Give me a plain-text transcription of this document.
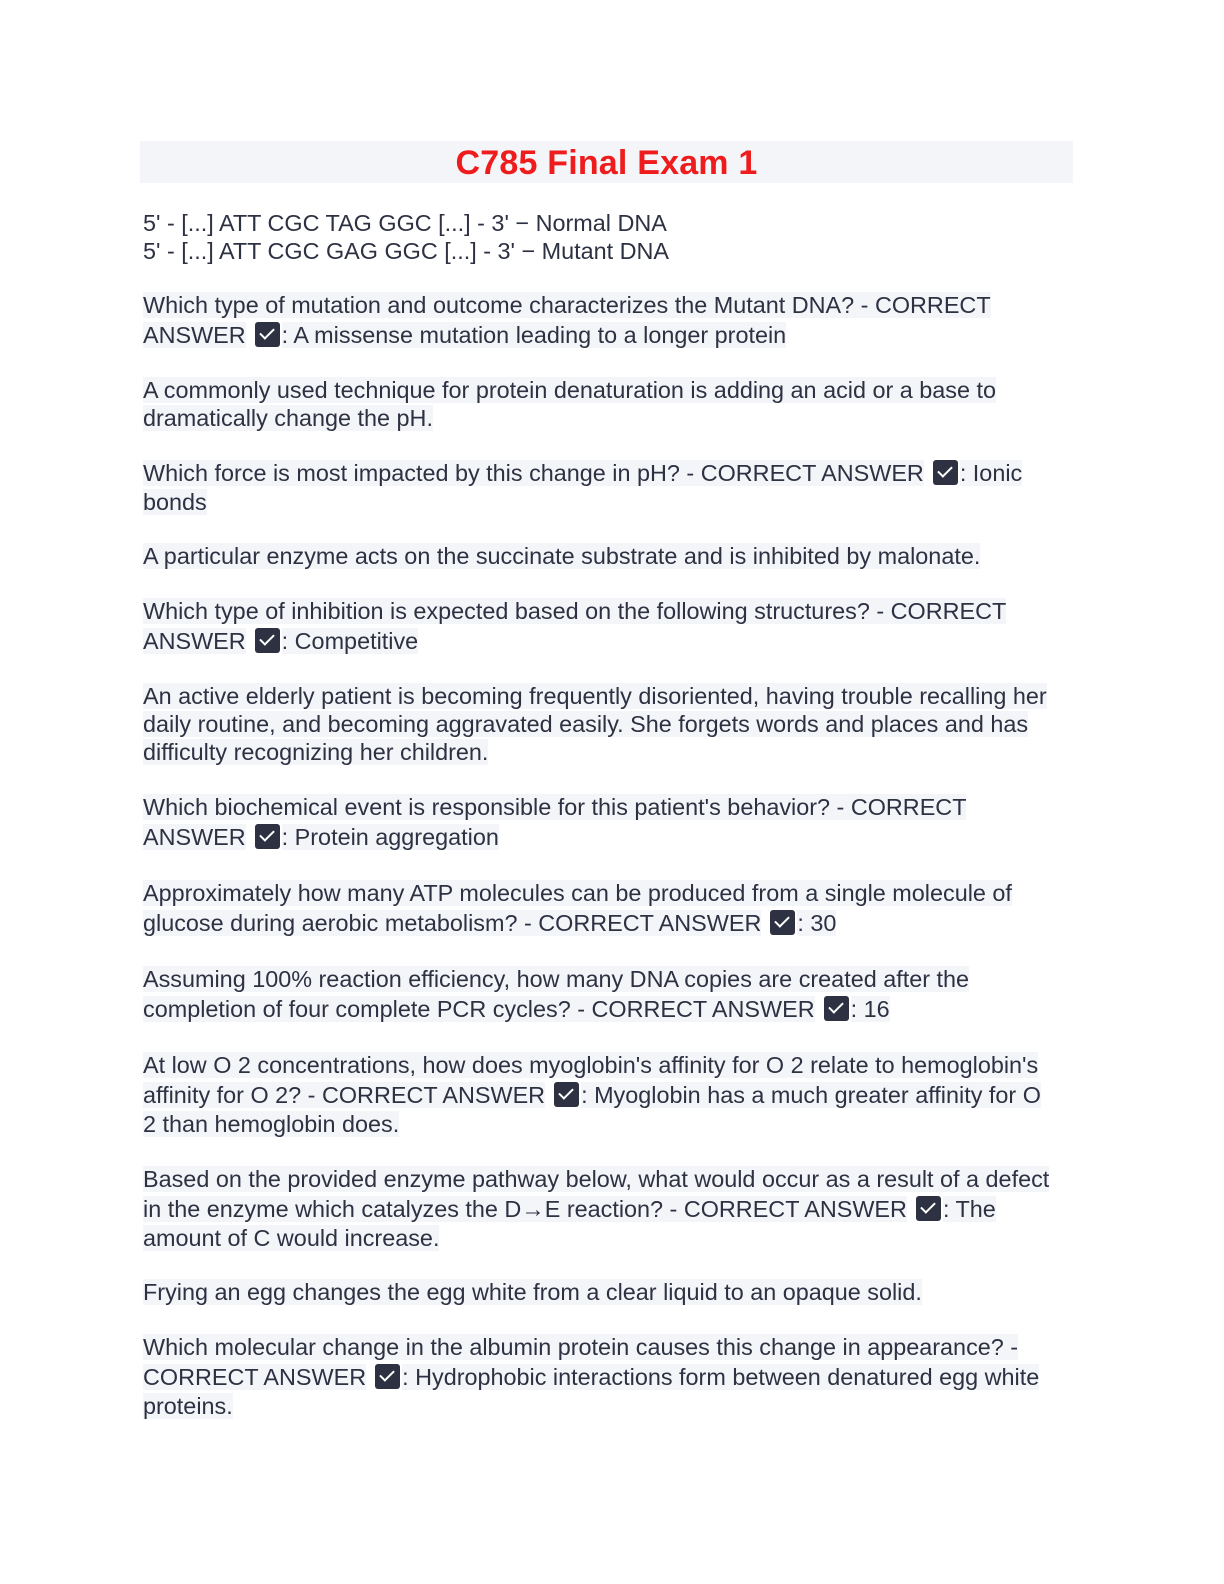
C785 Final Exam 1
5' - [...] ATT CGC TAG GGC [...] - 3' − Normal DNA
5' - [...] ATT CGC GAG GGC [...] - 3' − Mutant DNA
Which type of mutation and outcome characterizes the Mutant DNA? - CORRECT
ANSWER : A missense mutation leading to a longer protein
A commonly used technique for protein denaturation is adding an acid or a base to
dramatically change the pH.
Which force is most impacted by this change in pH? - CORRECT ANSWER : Ionic
bonds
A particular enzyme acts on the succinate substrate and is inhibited by malonate.
Which type of inhibition is expected based on the following structures? - CORRECT
ANSWER : Competitive
An active elderly patient is becoming frequently disoriented, having trouble recalling her
daily routine, and becoming aggravated easily. She forgets words and places and has
difficulty recognizing her children.
Which biochemical event is responsible for this patient's behavior? - CORRECT
ANSWER : Protein aggregation
Approximately how many ATP molecules can be produced from a single molecule of
glucose during aerobic metabolism? - CORRECT ANSWER : 30
Assuming 100% reaction efficiency, how many DNA copies are created after the
completion of four complete PCR cycles? - CORRECT ANSWER : 16
At low O 2 concentrations, how does myoglobin's affinity for O 2 relate to hemoglobin's
affinity for O 2? - CORRECT ANSWER : Myoglobin has a much greater affinity for O
2 than hemoglobin does.
Based on the provided enzyme pathway below, what would occur as a result of a defect
in the enzyme which catalyzes the D→E reaction? - CORRECT ANSWER : The
amount of C would increase.
Frying an egg changes the egg white from a clear liquid to an opaque solid.
Which molecular change in the albumin protein causes this change in appearance? -
CORRECT ANSWER : Hydrophobic interactions form between denatured egg white
proteins.
